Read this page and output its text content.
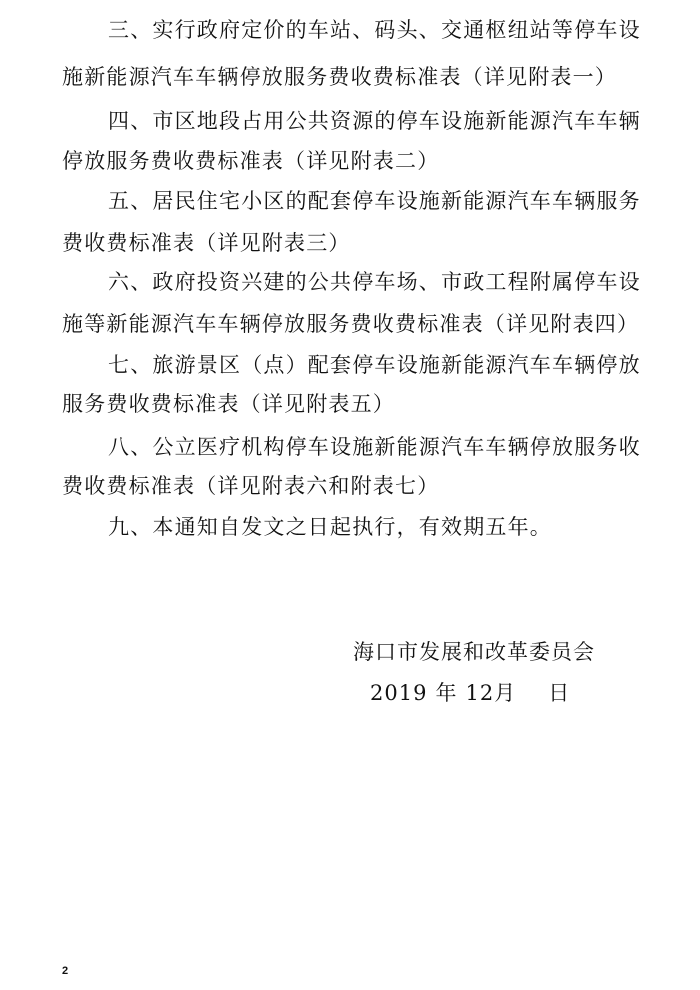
三、实行政府定价的车站、码头、交通枢纽站等停车设
施新能源汽车车辆停放服务费收费标准表（详见附表一）
四、市区地段占用公共资源的停车设施新能源汽车车辆
停放服务费收费标准表（详见附表二）
五、居民住宅小区的配套停车设施新能源汽车车辆服务
费收费标准表（详见附表三）
六、政府投资兴建的公共停车场、市政工程附属停车设
施等新能源汽车车辆停放服务费收费标准表（详见附表四）
七、旅游景区（点）配套停车设施新能源汽车车辆停放
服务费收费标准表（详见附表五）
八、公立医疗机构停车设施新能源汽车车辆停放服务收
费收费标准表（详见附表六和附表七）
九、本通知自发文之日起执行，有效期五年。
海口市发展和改革委员会
2019 年 12月 日
2
